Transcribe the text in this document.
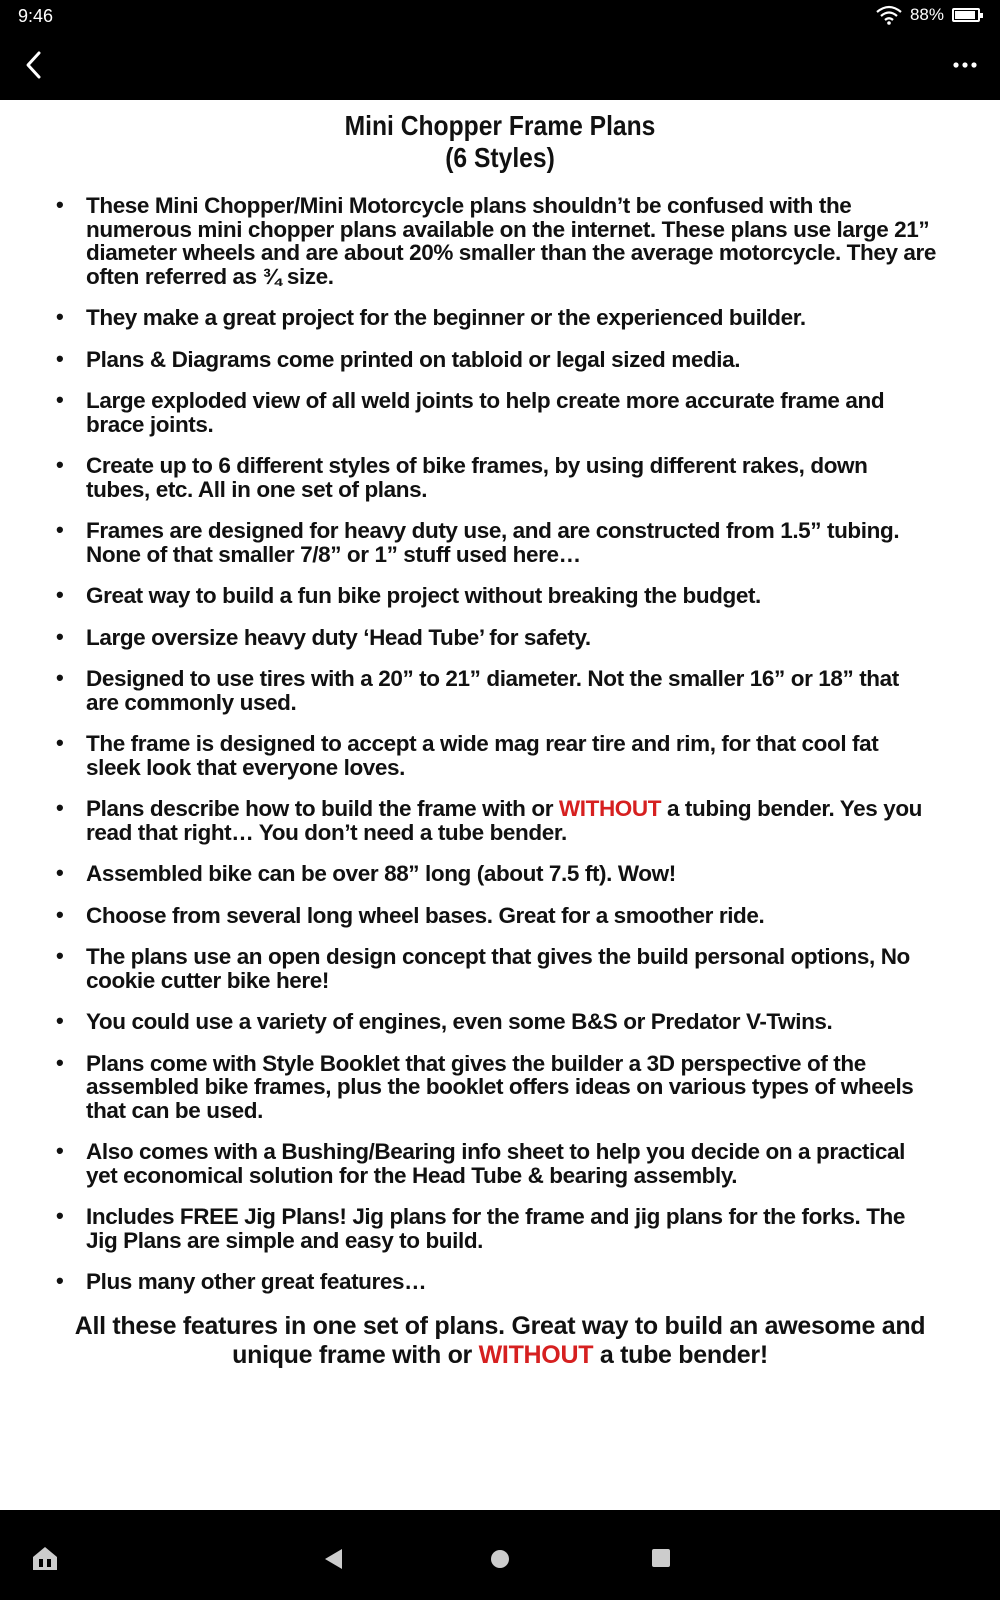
9:46	88%
Mini Chopper Frame Plans
(6 Styles)
• These Mini Chopper/Mini Motorcycle plans shouldn’t be confused with the numerous mini chopper plans available on the internet. These plans use large 21” diameter wheels and are about 20% smaller than the average motorcycle. They are often referred as ¾ size.
• They make a great project for the beginner or the experienced builder.
• Plans & Diagrams come printed on tabloid or legal sized media.
• Large exploded view of all weld joints to help create more accurate frame and brace joints.
• Create up to 6 different styles of bike frames, by using different rakes, down tubes, etc. All in one set of plans.
• Frames are designed for heavy duty use, and are constructed from 1.5” tubing. None of that smaller 7/8” or 1” stuff used here…
• Great way to build a fun bike project without breaking the budget.
• Large oversize heavy duty ‘Head Tube’ for safety.
• Designed to use tires with a 20” to 21” diameter. Not the smaller 16” or 18” that are commonly used.
• The frame is designed to accept a wide mag rear tire and rim, for that cool fat sleek look that everyone loves.
• Plans describe how to build the frame with or WITHOUT a tubing bender. Yes you read that right… You don’t need a tube bender.
• Assembled bike can be over 88” long (about 7.5 ft). Wow!
• Choose from several long wheel bases. Great for a smoother ride.
• The plans use an open design concept that gives the build personal options, No cookie cutter bike here!
• You could use a variety of engines, even some B&S or Predator V-Twins.
• Plans come with Style Booklet that gives the builder a 3D perspective of the assembled bike frames, plus the booklet offers ideas on various types of wheels that can be used.
• Also comes with a Bushing/Bearing info sheet to help you decide on a practical yet economical solution for the Head Tube & bearing assembly.
• Includes FREE Jig Plans! Jig plans for the frame and jig plans for the forks. The Jig Plans are simple and easy to build.
• Plus many other great features…
All these features in one set of plans. Great way to build an awesome and unique frame with or WITHOUT a tube bender!
